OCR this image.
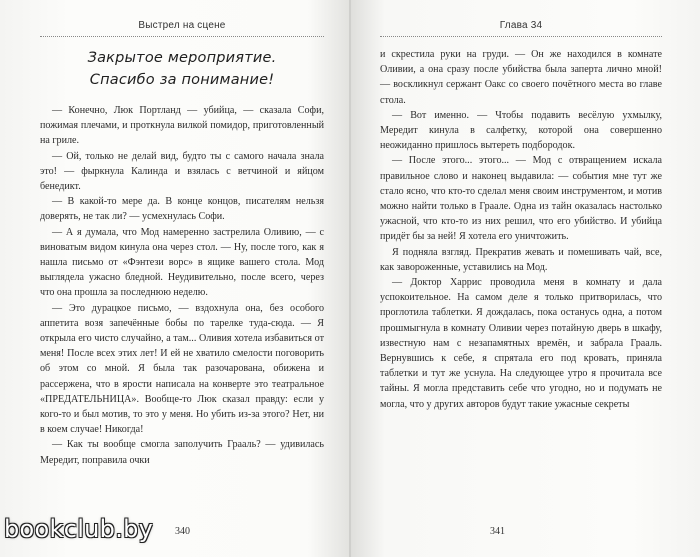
Выстрел на сцене
Закрытое мероприятие.
Спасибо за понимание!

— Конечно, Люк Портланд — убийца, — сказала Софи, пожимая плечами, и проткнула вилкой помидор, приготовленный на гриле.

— Ой, только не делай вид, будто ты с самого начала знала это! — фыркнула Калинда и взялась с ветчиной и яйцом бенедикт.

— В какой-то мере да. В конце концов, писателям нельзя доверять, не так ли? — усмехнулась Софи.

— А я думала, что Мод намеренно застрелила Оливию, — с виноватым видом кинула она через стол. — Ну, после того, как я нашла письмо от «Фэнтези ворс» в ящике вашего стола. Мод выглядела ужасно бледной. Неудивительно, после всего, через что она прошла за последнюю неделю.

— Это дурацкое письмо, — вздохнула она, без особого аппетита возя запечённые бобы по тарелке туда-сюда. — Я открыла его чисто случайно, а там... Оливия хотела избавиться от меня! После всех этих лет! И ей не хватило смелости поговорить об этом со мной. Я была так разочарована, обижена и рассержена, что в ярости написала на конверте это театральное «ПРЕДАТЕЛЬНИЦА». Вообще-то Люк сказал правду: если у кого-то и был мотив, то это у меня. Но убить из-за этого? Нет, ни в коем случае! Никогда!

— Как ты вообще смогла заполучить Грааль? — удивилась Мередит, поправила очки

340
Глава 34

и скрестила руки на груди. — Он же находился в комнате Оливии, а она сразу после убийства была заперта лично мной! — воскликнул сержант Оакс со своего почётного места во главе стола.

— Вот именно. — Чтобы подавить весёлую ухмылку, Мередит кинула в салфетку, которой она совершенно неожиданно пришлось вытереть подбородок.

— После этого... этого... — Мод с отвращением искала правильное слово и наконец выдавила: — события мне тут же стало ясно, что кто-то сделал меня своим инструментом, и мотив можно найти только в Граале. Одна из тайн оказалась настолько ужасной, что кто-то из них решил, что его убийство. И убийца придёт бы за ней! Я хотела его уничтожить.

Я подняла взгляд. Прекратив жевать и помешивать чай, все, как завороженные, уставились на Мод.

— Доктор Харрис проводила меня в комнату и дала успокоительное. На самом деле я только притворилась, что проглотила таблетки. Я дождалась, пока останусь одна, а потом прошмыгнула в комнату Оливии через потайную дверь в шкафу, известную нам с незапамятных времён, и забрала Грааль. Вернувшись к себе, я спрятала его под кровать, приняла таблетки и тут же уснула. На следующее утро я прочитала все тайны. Я могла представить себе что угодно, но и подумать не могла, что у других авторов будут такие ужасные секреты

341
bookclub.by
